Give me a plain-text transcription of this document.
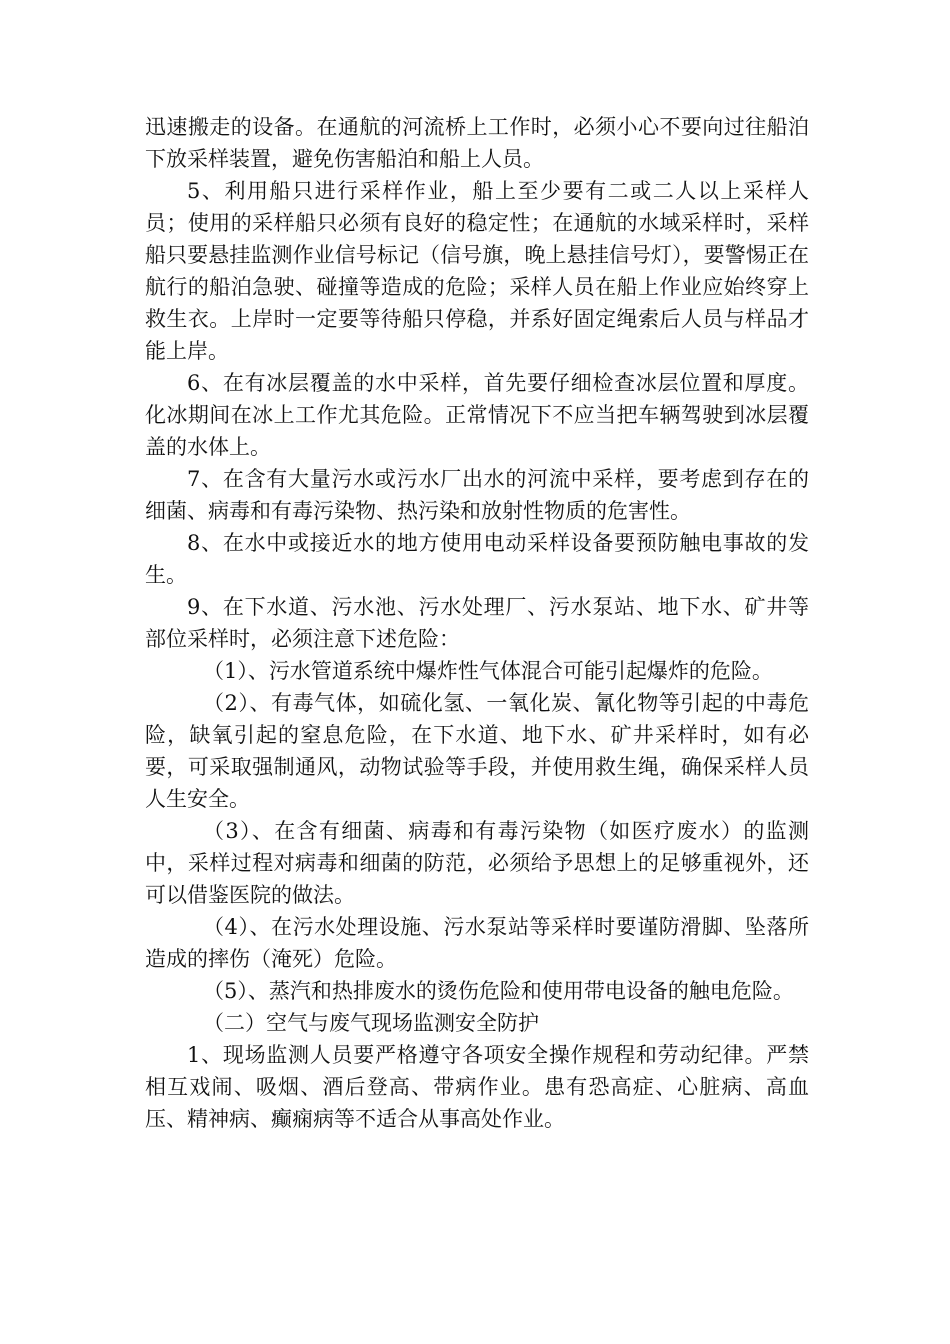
迅速搬走的设备。在通航的河流桥上工作时，必须小心不要向过往船泊下放采样装置，避免伤害船泊和船上人员。

5、利用船只进行采样作业，船上至少要有二或二人以上采样人员；使用的采样船只必须有良好的稳定性；在通航的水域采样时，采样船只要悬挂监测作业信号标记（信号旗，晚上悬挂信号灯），要警惕正在航行的船泊急驶、碰撞等造成的危险；采样人员在船上作业应始终穿上救生衣。上岸时一定要等待船只停稳，并系好固定绳索后人员与样品才能上岸。

6、在有冰层覆盖的水中采样，首先要仔细检查冰层位置和厚度。化冰期间在冰上工作尤其危险。正常情况下不应当把车辆驾驶到冰层覆盖的水体上。

7、在含有大量污水或污水厂出水的河流中采样，要考虑到存在的细菌、病毒和有毒污染物、热污染和放射性物质的危害性。

8、在水中或接近水的地方使用电动采样设备要预防触电事故的发生。

9、在下水道、污水池、污水处理厂、污水泵站、地下水、矿井等部位采样时，必须注意下述危险：

（1）、污水管道系统中爆炸性气体混合可能引起爆炸的危险。

（2）、有毒气体，如硫化氢、一氧化炭、氰化物等引起的中毒危险，缺氧引起的窒息危险，在下水道、地下水、矿井采样时，如有必要，可采取强制通风，动物试验等手段，并使用救生绳，确保采样人员人生安全。

（3）、在含有细菌、病毒和有毒污染物（如医疗废水）的监测中，采样过程对病毒和细菌的防范，必须给予思想上的足够重视外，还可以借鉴医院的做法。

（4）、在污水处理设施、污水泵站等采样时要谨防滑脚、坠落所造成的摔伤（淹死）危险。

（5）、蒸汽和热排废水的烫伤危险和使用带电设备的触电危险。

（二）空气与废气现场监测安全防护

1、现场监测人员要严格遵守各项安全操作规程和劳动纪律。严禁相互戏闹、吸烟、酒后登高、带病作业。患有恐高症、心脏病、高血压、精神病、癫痫病等不适合从事高处作业。
